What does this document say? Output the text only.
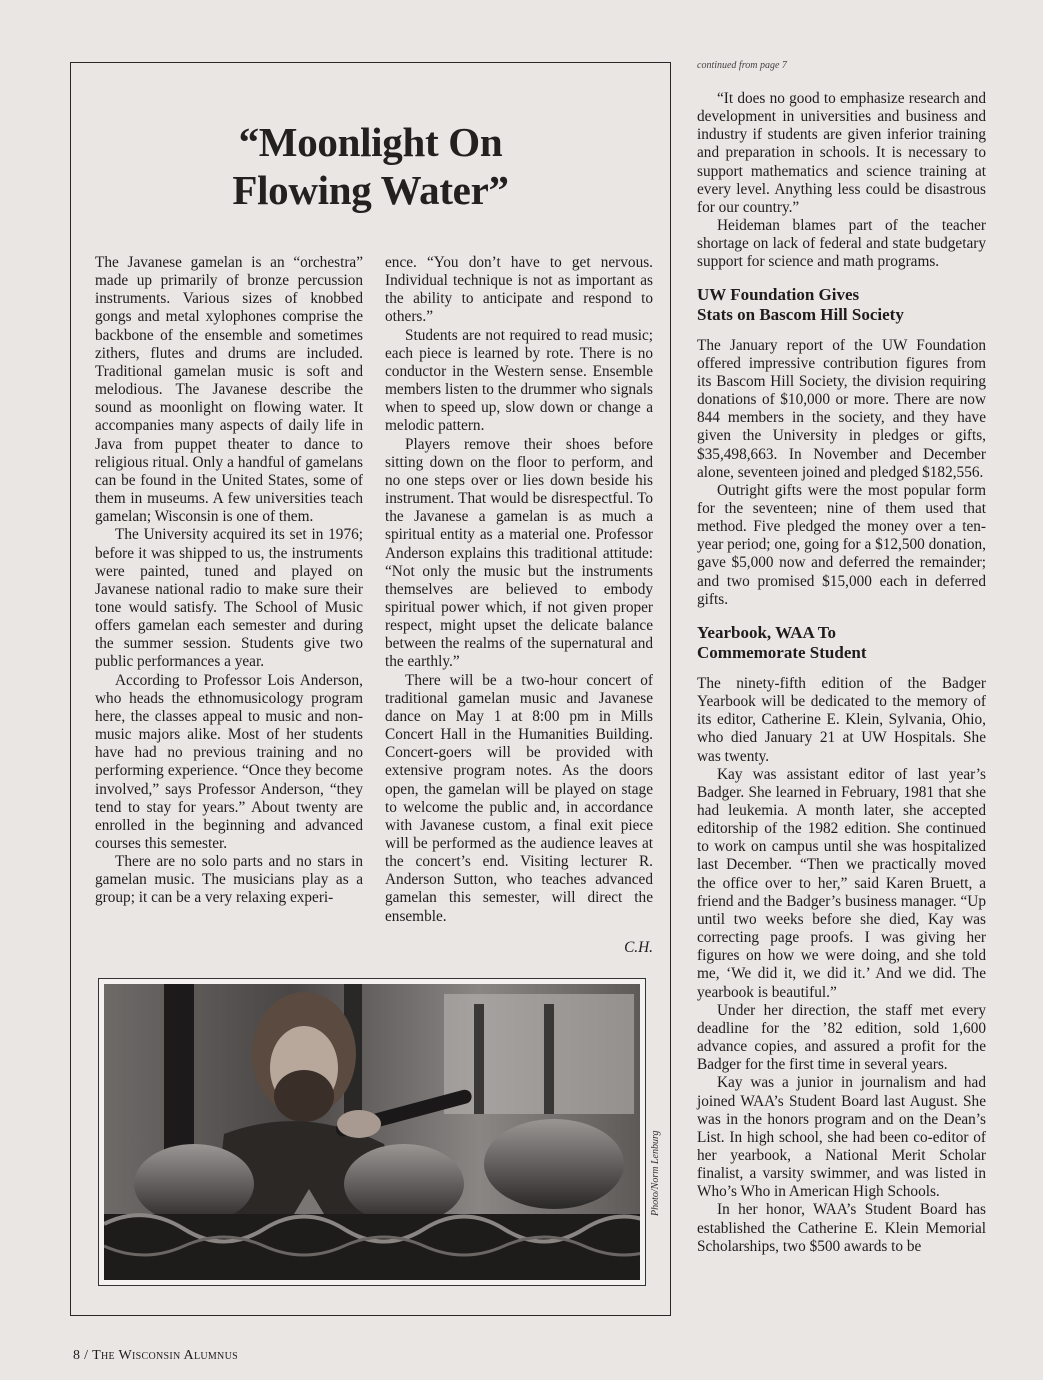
“Moonlight On
Flowing Water”

The Javanese gamelan is an “orchestra” made up primarily of bronze percussion instruments. Various sizes of knobbed gongs and metal xylophones comprise the backbone of the ensemble and sometimes zithers, flutes and drums are included. Traditional gamelan music is soft and melodious. The Javanese describe the sound as moonlight on flowing water. It accompanies many aspects of daily life in Java from puppet theater to dance to religious ritual. Only a handful of gamelans can be found in the United States, some of them in museums. A few universities teach gamelan; Wisconsin is one of them.

The University acquired its set in 1976; before it was shipped to us, the instruments were painted, tuned and played on Javanese national radio to make sure their tone would satisfy. The School of Music offers gamelan each semester and during the summer session. Students give two public performances a year.

According to Professor Lois Anderson, who heads the ethnomusicology program here, the classes appeal to music and non-music majors alike. Most of her students have had no previous training and no performing experience. “Once they become involved,” says Professor Anderson, “they tend to stay for years.” About twenty are enrolled in the beginning and advanced courses this semester.

There are no solo parts and no stars in gamelan music. The musicians play as a group; it can be a very relaxing experi-

ence. “You don’t have to get nervous. Individual technique is not as important as the ability to anticipate and respond to others.”

Students are not required to read music; each piece is learned by rote. There is no conductor in the Western sense. Ensemble members listen to the drummer who signals when to speed up, slow down or change a melodic pattern.

Players remove their shoes before sitting down on the floor to perform, and no one steps over or lies down beside his instrument. That would be disrespectful. To the Javanese a gamelan is as much a spiritual entity as a material one. Professor Anderson explains this traditional attitude: “Not only the music but the instruments themselves are believed to embody spiritual power which, if not given proper respect, might upset the delicate balance between the realms of the supernatural and the earthly.”

There will be a two-hour concert of traditional gamelan music and Javanese dance on May 1 at 8:00 pm in Mills Concert Hall in the Humanities Building. Concert-goers will be provided with extensive program notes. As the doors open, the gamelan will be played on stage to welcome the public and, in accordance with Javanese custom, a final exit piece will be performed as the audience leaves at the concert’s end. Visiting lecturer R. Anderson Sutton, who teaches advanced gamelan this semester, will direct the ensemble.

C.H.
Photo/Norm Lenburg
continued from page 7

“It does no good to emphasize research and development in universities and business and industry if students are given inferior training and preparation in schools. It is necessary to support mathematics and science training at every level. Anything less could be disastrous for our country.”

Heideman blames part of the teacher shortage on lack of federal and state budgetary support for science and math programs.

UW Foundation Gives
Stats on Bascom Hill Society

The January report of the UW Foundation offered impressive contribution figures from its Bascom Hill Society, the division requiring donations of $10,000 or more. There are now 844 members in the society, and they have given the University in pledges or gifts, $35,498,663. In November and December alone, seventeen joined and pledged $182,556.

Outright gifts were the most popular form for the seventeen; nine of them used that method. Five pledged the money over a ten-year period; one, going for a $12,500 donation, gave $5,000 now and deferred the remainder; and two promised $15,000 each in deferred gifts.

Yearbook, WAA To
Commemorate Student

The ninety-fifth edition of the Badger Yearbook will be dedicated to the memory of its editor, Catherine E. Klein, Sylvania, Ohio, who died January 21 at UW Hospitals. She was twenty.

Kay was assistant editor of last year’s Badger. She learned in February, 1981 that she had leukemia. A month later, she accepted editorship of the 1982 edition. She continued to work on campus until she was hospitalized last December. “Then we practically moved the office over to her,” said Karen Bruett, a friend and the Badger’s business manager. “Up until two weeks before she died, Kay was correcting page proofs. I was giving her figures on how we were doing, and she told me, ‘We did it, we did it.’ And we did. The yearbook is beautiful.”

Under her direction, the staff met every deadline for the ’82 edition, sold 1,600 advance copies, and assured a profit for the Badger for the first time in several years.

Kay was a junior in journalism and had joined WAA’s Student Board last August. She was in the honors program and on the Dean’s List. In high school, she had been co-editor of her yearbook, a National Merit Scholar finalist, a varsity swimmer, and was listed in Who’s Who in American High Schools.

In her honor, WAA’s Student Board has established the Catherine E. Klein Memorial Scholarships, two $500 awards to be

8 / The Wisconsin Alumnus
